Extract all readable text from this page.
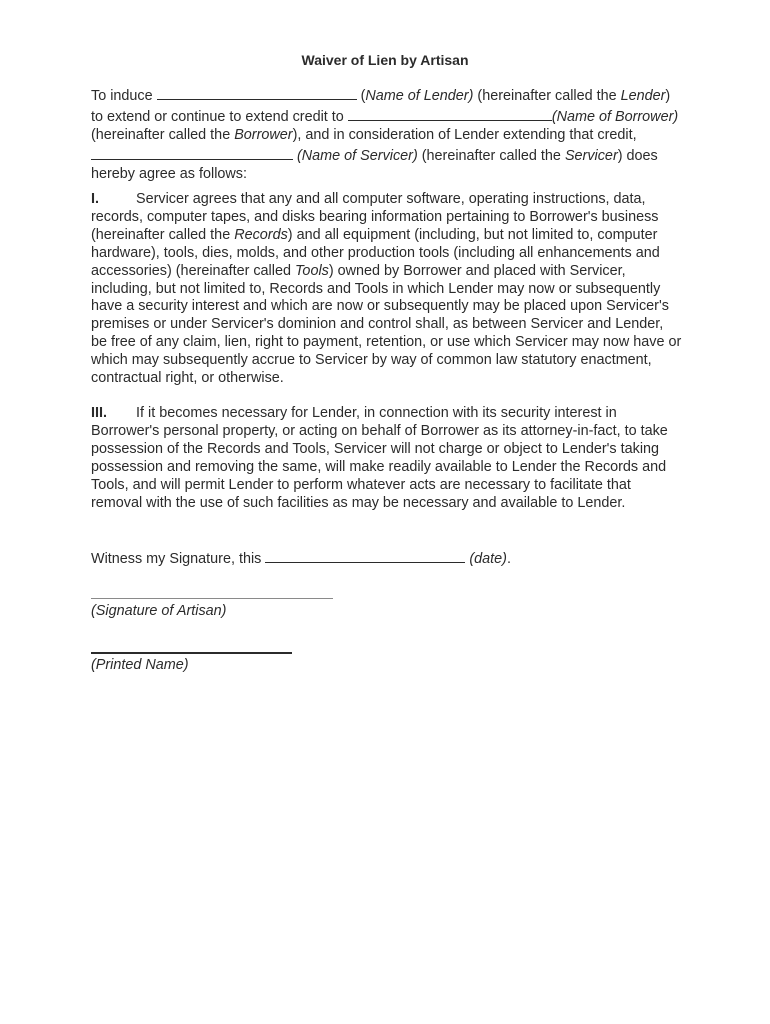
Waiver of Lien by Artisan
To induce	(Name of Lender) (hereinafter called the Lender) to extend or continue to extend credit to	(Name of Borrower) (hereinafter called the Borrower), and in consideration of Lender extending that credit,  (Name of Servicer) (hereinafter called the Servicer) does hereby agree as follows:
I.	Servicer agrees that any and all computer software, operating instructions, data, records, computer tapes, and disks bearing information pertaining to Borrower's business (hereinafter called the Records) and all equipment (including, but not limited to, computer hardware), tools, dies, molds, and other production tools (including all enhancements and accessories) (hereinafter called Tools) owned by Borrower and placed with Servicer, including, but not limited to, Records and Tools in which Lender may now or subsequently have a security interest and which are now or subsequently may be placed upon Servicer's premises or under Servicer's dominion and control shall, as between Servicer and Lender, be free of any claim, lien, right to payment, retention, or use which Servicer may now have or which may subsequently accrue to Servicer by way of common law statutory enactment, contractual right, or otherwise.
III. If it becomes necessary for Lender, in connection with its security interest in Borrower's personal property, or acting on behalf of Borrower as its attorney-in-fact, to take possession of the Records and Tools, Servicer will not charge or object to Lender's taking possession and removing the same, will make readily available to Lender the Records and Tools, and will permit Lender to perform whatever acts are necessary to facilitate that removal with the use of such facilities as may be necessary and available to Lender.
Witness my Signature, this	(date).
(Signature of Artisan)
(Printed Name)
